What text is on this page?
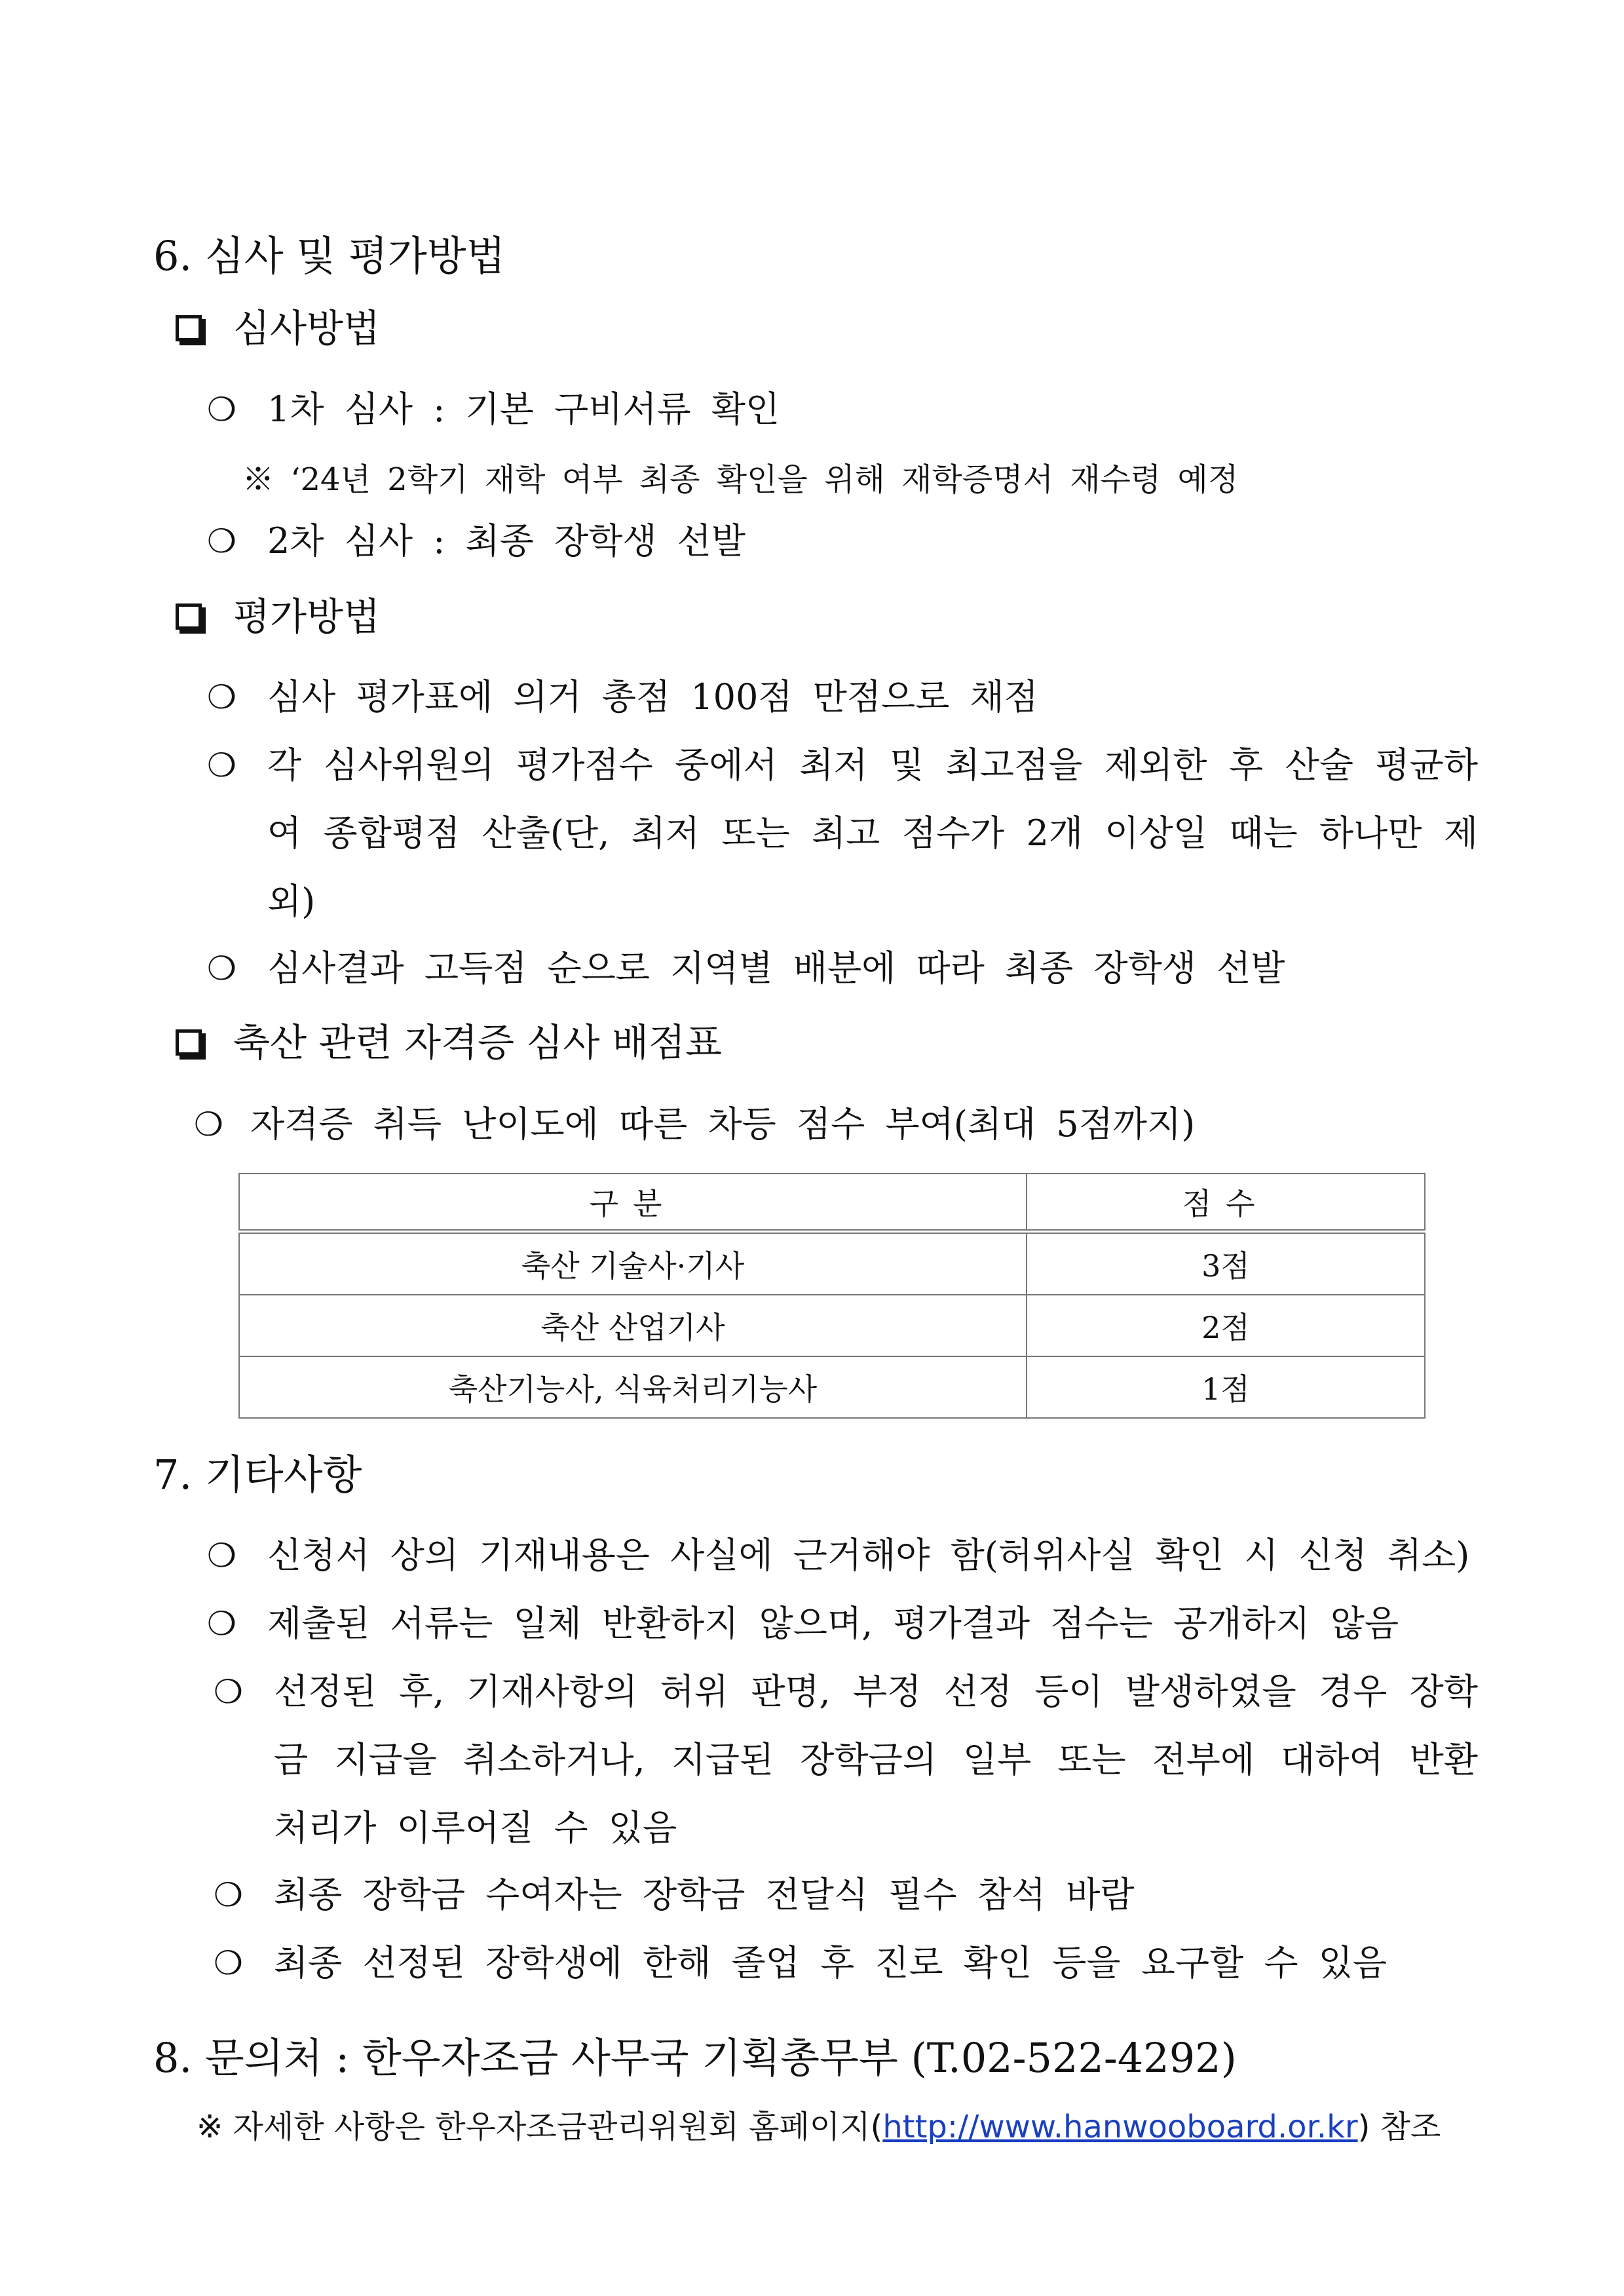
6. 심사 및 평가방법
심사방법
❍ 1차 심사 : 기본 구비서류 확인
※ ‘24년 2학기 재학 여부 최종 확인을 위해 재학증명서 재수령 예정
❍ 2차 심사 : 최종 장학생 선발
평가방법
❍ 심사 평가표에 의거 총점 100점 만점으로 채점
❍ 각 심사위원의 평가점수 중에서 최저 및 최고점을 제외한 후 산술 평균하여 종합평점 산출(단, 최저 또는 최고 점수가 2개 이상일 때는 하나만 제외)
❍ 심사결과 고득점 순으로 지역별 배분에 따라 최종 장학생 선발
축산 관련 자격증 심사 배점표
❍ 자격증 취득 난이도에 따른 차등 점수 부여(최대 5점까지)
구분	점수
축산 기술사·기사	3점
축산 산업기사	2점
축산기능사, 식육처리기능사	1점
7. 기타사항
❍ 신청서 상의 기재내용은 사실에 근거해야 함(허위사실 확인 시 신청 취소)
❍ 제출된 서류는 일체 반환하지 않으며, 평가결과 점수는 공개하지 않음
❍ 선정된 후, 기재사항의 허위 판명, 부정 선정 등이 발생하였을 경우 장학금 지급을 취소하거나, 지급된 장학금의 일부 또는 전부에 대하여 반환 처리가 이루어질 수 있음
❍ 최종 장학금 수여자는 장학금 전달식 필수 참석 바람
❍ 최종 선정된 장학생에 한해 졸업 후 진로 확인 등을 요구할 수 있음
8. 문의처 : 한우자조금 사무국 기획총무부 (T.02-522-4292)
※ 자세한 사항은 한우자조금관리위원회 홈페이지(http://www.hanwooboard.or.kr) 참조
